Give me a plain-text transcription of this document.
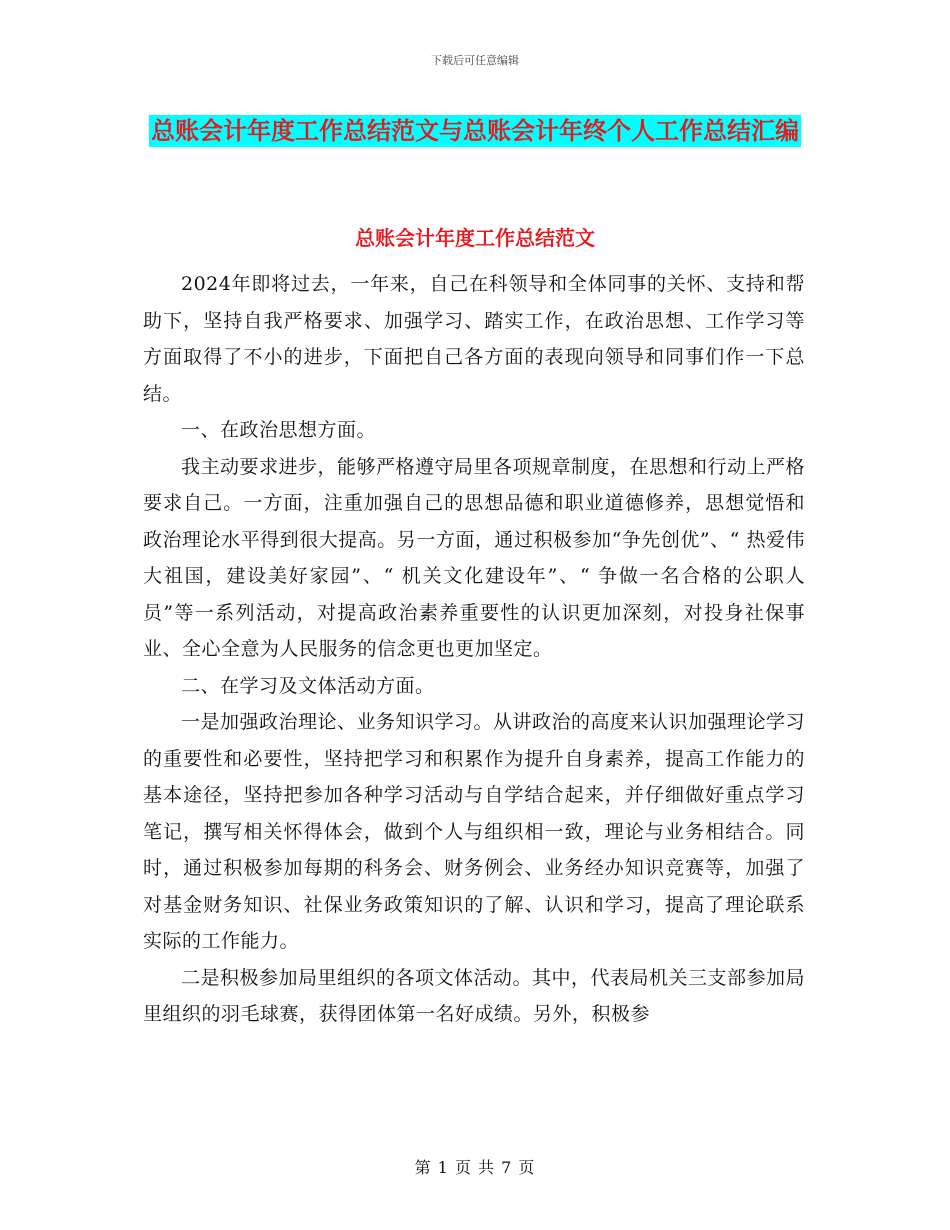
下载后可任意编辑
总账会计年度工作总结范文与总账会计年终个人工作总结汇编
总账会计年度工作总结范文

2024年即将过去，一年来，自己在科领导和全体同事的关怀、支持和帮助下，坚持自我严格要求、加强学习、踏实工作，在政治思想、工作学习等方面取得了不小的进步，下面把自己各方面的表现向领导和同事们作一下总结。

一、在政治思想方面。

我主动要求进步，能够严格遵守局里各项规章制度，在思想和行动上严格要求自己。一方面，注重加强自己的思想品德和职业道德修养，思想觉悟和政治理论水平得到很大提高。另一方面，通过积极参加“争先创优”、“ 热爱伟大祖国，建设美好家园”、“ 机关文化建设年”、“ 争做一名合格的公职人员”等一系列活动，对提高政治素养重要性的认识更加深刻，对投身社保事业、全心全意为人民服务的信念更也更加坚定。

二、在学习及文体活动方面。

一是加强政治理论、业务知识学习。从讲政治的高度来认识加强理论学习的重要性和必要性，坚持把学习和积累作为提升自身素养，提高工作能力的基本途径，坚持把参加各种学习活动与自学结合起来，并仔细做好重点学习笔记，撰写相关怀得体会，做到个人与组织相一致，理论与业务相结合。同时，通过积极参加每期的科务会、财务例会、业务经办知识竞赛等，加强了对基金财务知识、社保业务政策知识的了解、认识和学习，提高了理论联系实际的工作能力。

二是积极参加局里组织的各项文体活动。其中，代表局机关三支部参加局里组织的羽毛球赛，获得团体第一名好成绩。另外，积极参

第 1 页 共 7 页
